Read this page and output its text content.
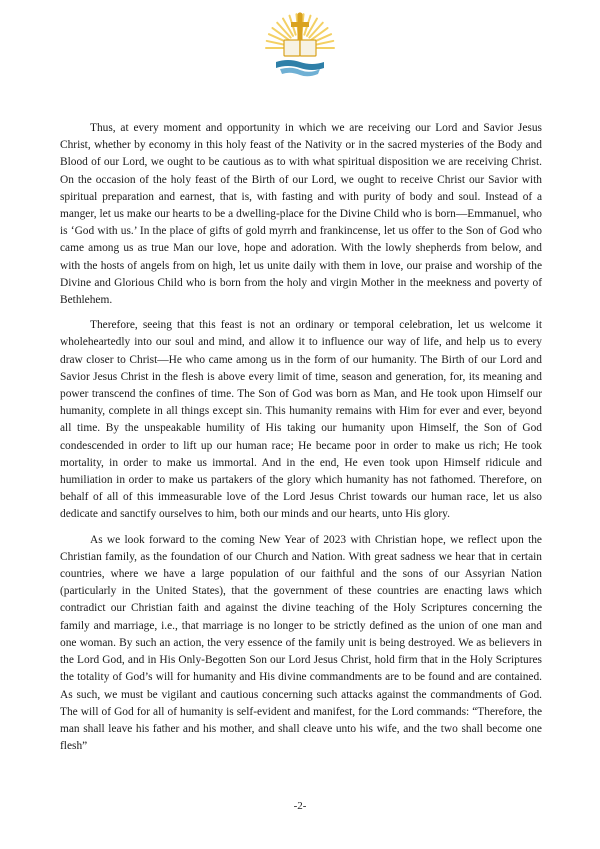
Thus, at every moment and opportunity in which we are receiving our Lord and Savior Jesus Christ, whether by economy in this holy feast of the Nativity or in the sacred mysteries of the Body and Blood of our Lord, we ought to be cautious as to with what spiritual disposition we are receiving Christ. On the occasion of the holy feast of the Birth of our Lord, we ought to receive Christ our Savior with spiritual preparation and earnest, that is, with fasting and with purity of body and soul. Instead of a manger, let us make our hearts to be a dwelling-place for the Divine Child who is born—Emmanuel, who is ‘God with us.’ In the place of gifts of gold myrrh and frankincense, let us offer to the Son of God who came among us as true Man our love, hope and adoration. With the lowly shepherds from below, and with the hosts of angels from on high, let us unite daily with them in love, our praise and worship of the Divine and Glorious Child who is born from the holy and virgin Mother in the meekness and poverty of Bethlehem.

Therefore, seeing that this feast is not an ordinary or temporal celebration, let us welcome it wholeheartedly into our soul and mind, and allow it to influence our way of life, and help us to every draw closer to Christ—He who came among us in the form of our humanity. The Birth of our Lord and Savior Jesus Christ in the flesh is above every limit of time, season and generation, for, its meaning and power transcend the confines of time. The Son of God was born as Man, and He took upon Himself our humanity, complete in all things except sin. This humanity remains with Him for ever and ever, beyond all time. By the unspeakable humility of His taking our humanity upon Himself, the Son of God condescended in order to lift up our human race; He became poor in order to make us rich; He took mortality, in order to make us immortal. And in the end, He even took upon Himself ridicule and humiliation in order to make us partakers of the glory which humanity has not fathomed. Therefore, on behalf of all of this immeasurable love of the Lord Jesus Christ towards our human race, let us also dedicate and sanctify ourselves to him, both our minds and our hearts, unto His glory.

As we look forward to the coming New Year of 2023 with Christian hope, we reflect upon the Christian family, as the foundation of our Church and Nation. With great sadness we hear that in certain countries, where we have a large population of our faithful and the sons of our Assyrian Nation (particularly in the United States), that the government of these countries are enacting laws which contradict our Christian faith and against the divine teaching of the Holy Scriptures concerning the family and marriage, i.e., that marriage is no longer to be strictly defined as the union of one man and one woman. By such an action, the very essence of the family unit is being destroyed. We as believers in the Lord God, and in His Only-Begotten Son our Lord Jesus Christ, hold firm that in the Holy Scriptures the totality of God’s will for humanity and His divine commandments are to be found and are contained. As such, we must be vigilant and cautious concerning such attacks against the commandments of God. The will of God for all of humanity is self-evident and manifest, for the Lord commands: “Therefore, the man shall leave his father and his mother, and shall cleave unto his wife, and the two shall become one flesh”

-2-
